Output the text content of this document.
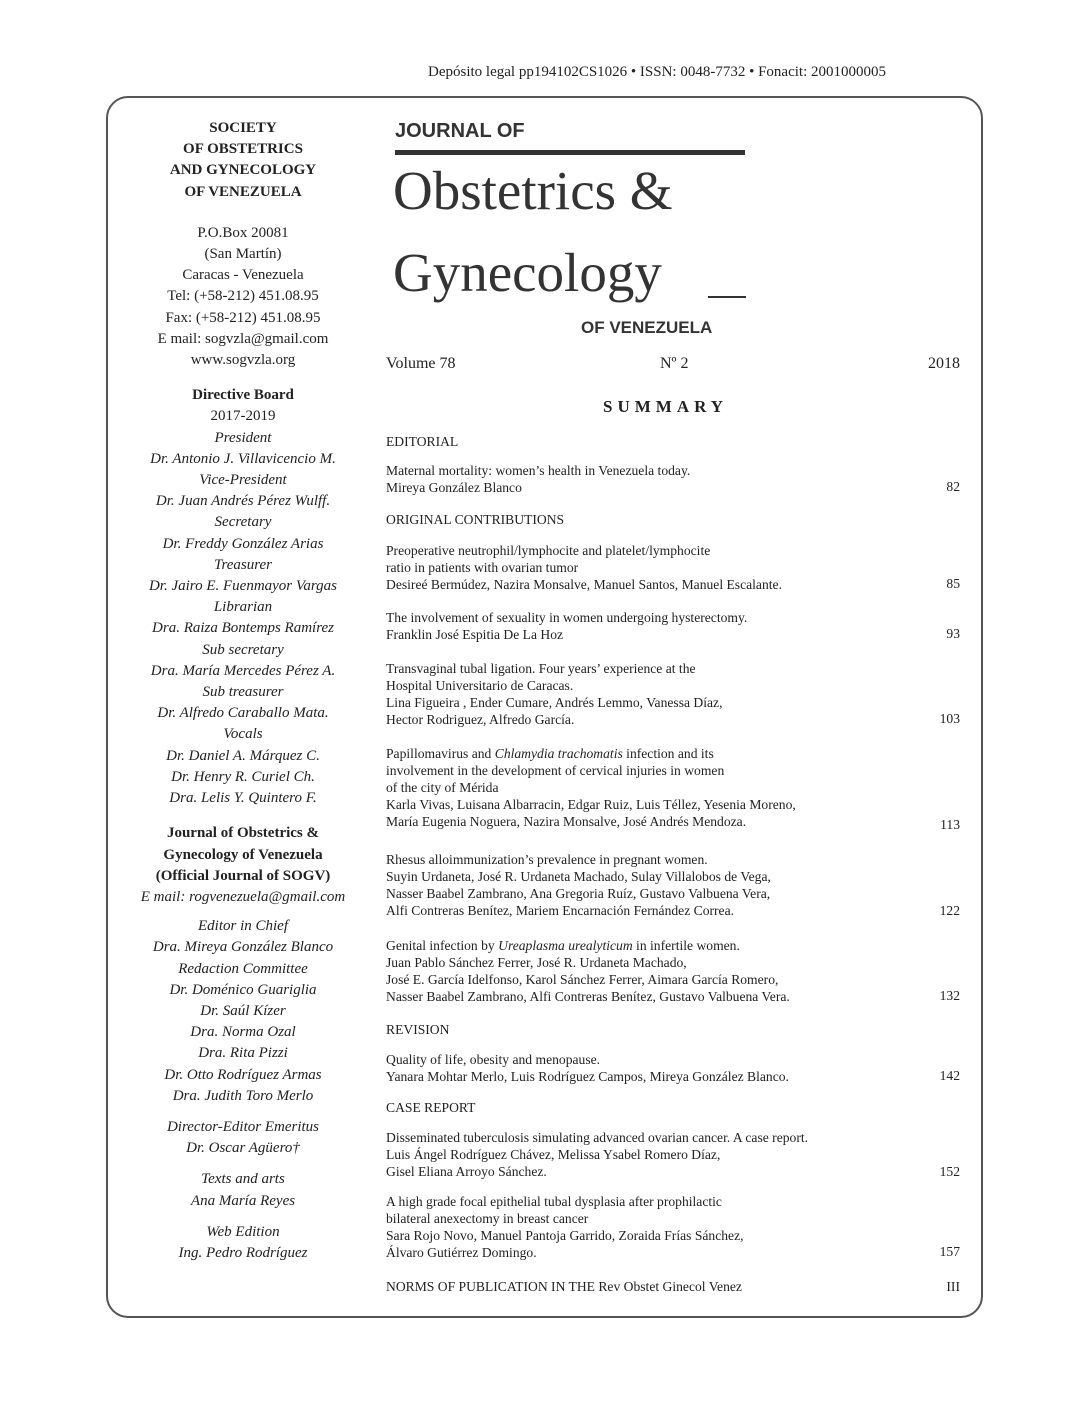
Depósito legal pp194102CS1026 • ISSN: 0048-7732 • Fonacit: 2001000005
SOCIETY
OF OBSTETRICS
AND GYNECOLOGY
OF VENEZUELA
P.O.Box 20081
(San Martín)
Caracas - Venezuela
Tel: (+58-212) 451.08.95
Fax: (+58-212) 451.08.95
E mail: sogvzla@gmail.com
www.sogvzla.org
Directive Board
2017-2019
President
Dr. Antonio J. Villavicencio M.
Vice-President
Dr. Juan Andrés Pérez Wulff.
Secretary
Dr. Freddy González Arias
Treasurer
Dr. Jairo E. Fuenmayor Vargas
Librarian
Dra. Raiza Bontemps Ramírez
Sub secretary
Dra. María Mercedes Pérez A.
Sub treasurer
Dr. Alfredo Caraballo Mata.
Vocals
Dr. Daniel A. Márquez C.
Dr. Henry R. Curiel Ch.
Dra. Lelis Y. Quintero F.
Journal of Obstetrics &
Gynecology of Venezuela
(Official Journal of SOGV)
E mail: rogvenezuela@gmail.com
Editor in Chief
Dra. Mireya González Blanco
Redaction Committee
Dr. Doménico Guariglia
Dr. Saúl Kízer
Dra. Norma Ozal
Dra. Rita Pizzi
Dr. Otto Rodríguez Armas
Dra. Judith Toro Merlo
Director-Editor Emeritus
Dr. Oscar Agüero†
Texts and arts
Ana María Reyes
Web Edition
Ing. Pedro Rodríguez
JOURNAL OF
Obstetrics &
Gynecology
OF VENEZUELA
Volume 78	Nº 2	2018
SUMMARY
EDITORIAL
Maternal mortality: women’s health in Venezuela today.
Mireya González Blanco	82
ORIGINAL CONTRIBUTIONS
Preoperative neutrophil/lymphocite and platelet/lymphocite
ratio in patients with ovarian tumor
Desireé Bermúdez, Nazira Monsalve, Manuel Santos, Manuel Escalante.	85
The involvement of sexuality in women undergoing hysterectomy.
Franklin José Espitia De La Hoz	93
Transvaginal tubal ligation. Four years’ experience at the
Hospital Universitario de Caracas.
Lina Figueira , Ender Cumare, Andrés Lemmo, Vanessa Díaz,
Hector Rodriguez, Alfredo García.	103
Papillomavirus and Chlamydia trachomatis infection and its
involvement in the development of cervical injuries in women
of the city of Mérida
Karla Vivas, Luisana Albarracin, Edgar Ruiz, Luis Téllez, Yesenia Moreno,
María Eugenia Noguera, Nazira Monsalve, José Andrés Mendoza.	113
Rhesus alloimmunization’s prevalence in pregnant women.
Suyin Urdaneta, José R. Urdaneta Machado, Sulay Villalobos de Vega,
Nasser Baabel Zambrano, Ana Gregoria Ruíz, Gustavo Valbuena Vera,
Alfi Contreras Benítez, Mariem Encarnación Fernández Correa.	122
Genital infection by Ureaplasma urealyticum in infertile women.
Juan Pablo Sánchez Ferrer, José R. Urdaneta Machado,
José E. García Idelfonso, Karol Sánchez Ferrer, Aimara García Romero,
Nasser Baabel Zambrano, Alfi Contreras Benítez, Gustavo Valbuena Vera.	132
REVISION
Quality of life, obesity and menopause.
Yanara Mohtar Merlo, Luis Rodríguez Campos, Mireya González Blanco.	142
CASE REPORT
Disseminated tuberculosis simulating advanced ovarian cancer. A case report.
Luis Ángel Rodríguez Chávez, Melissa Ysabel Romero Díaz,
Gisel Eliana Arroyo Sánchez.	152
A high grade focal epithelial tubal dysplasia after prophilactic
bilateral anexectomy in breast cancer
Sara Rojo Novo, Manuel Pantoja Garrido, Zoraida Frías Sánchez,
Álvaro Gutiérrez Domingo.	157
NORMS OF PUBLICATION IN THE Rev Obstet Ginecol Venez	III
